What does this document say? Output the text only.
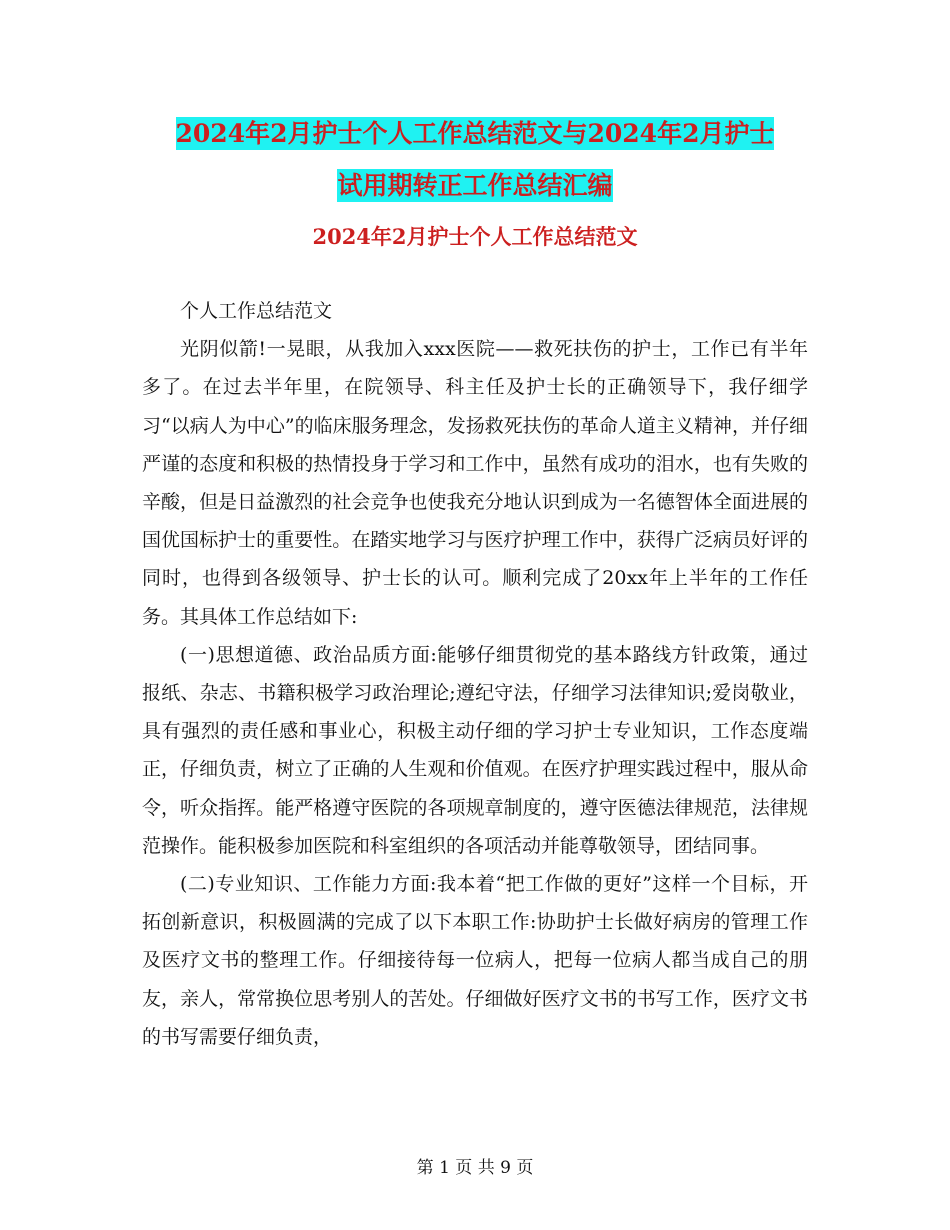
2024年2月护士个人工作总结范文与2024年2月护士
试用期转正工作总结汇编
2024年2月护士个人工作总结范文

个人工作总结范文

光阴似箭!一晃眼，从我加入xxx医院——救死扶伤的护士，工作已有半年多了。在过去半年里，在院领导、科主任及护士长的正确领导下，我仔细学习“以病人为中心”的临床服务理念，发扬救死扶伤的革命人道主义精神，并仔细严谨的态度和积极的热情投身于学习和工作中，虽然有成功的泪水，也有失败的辛酸，但是日益激烈的社会竞争也使我充分地认识到成为一名德智体全面进展的国优国标护士的重要性。在踏实地学习与医疗护理工作中，获得广泛病员好评的同时，也得到各级领导、护士长的认可。顺利完成了20xx年上半年的工作任务。其具体工作总结如下:

(一)思想道德、政治品质方面:能够仔细贯彻党的基本路线方针政策，通过报纸、杂志、书籍积极学习政治理论;遵纪守法，仔细学习法律知识;爱岗敬业，具有强烈的责任感和事业心，积极主动仔细的学习护士专业知识，工作态度端正，仔细负责，树立了正确的人生观和价值观。在医疗护理实践过程中，服从命令，听众指挥。能严格遵守医院的各项规章制度的，遵守医德法律规范，法律规范操作。能积极参加医院和科室组织的各项活动并能尊敬领导，团结同事。

(二)专业知识、工作能力方面:我本着“把工作做的更好”这样一个目标，开拓创新意识，积极圆满的完成了以下本职工作:协助护士长做好病房的管理工作及医疗文书的整理工作。仔细接待每一位病人，把每一位病人都当成自己的朋友，亲人，常常换位思考别人的苦处。仔细做好医疗文书的书写工作，医疗文书的书写需要仔细负责，

第 1 页 共 9 页
